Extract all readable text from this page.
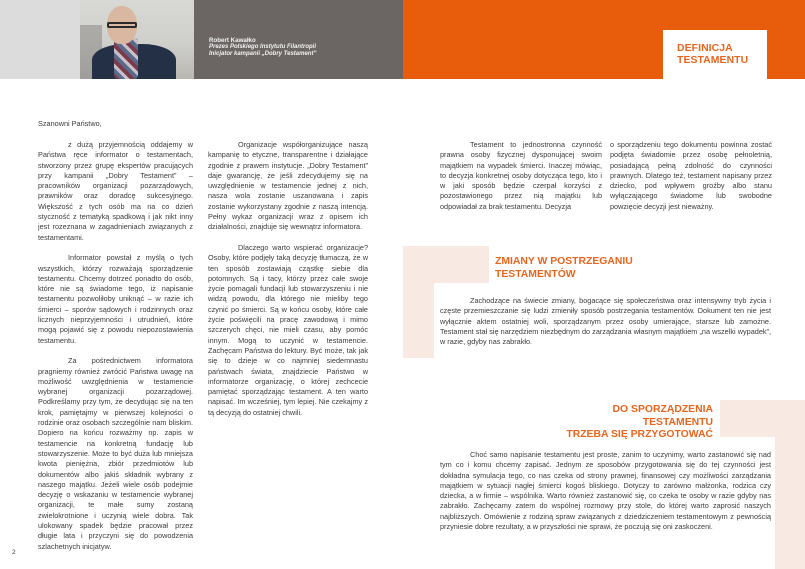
Robert Kawałko
Prezes Polskiego Instytutu Filantropii
Inicjator kampanii „Dobry Testament”
DEFINICJA
TESTAMENTU
Szanowni Państwo,

z dużą przyjemnością oddajemy w Państwa ręce informator o testamentach, stworzony przez grupę ekspertów pracujących przy kampanii „Dobry Testament” – pracowników organizacji pozarządowych, prawników oraz doradcę sukcesyjnego. Większość z tych osób ma na co dzień styczność z tematyką spadkową i jak nikt inny jest rozeznana w zagadnieniach związanych z testamentami.

Informator powstał z myślą o tych wszystkich, którzy rozważają sporządzenie testamentu. Chcemy dotrzeć ponadto do osób, które nie są świadome tego, iż napisanie testamentu pozwoliłoby uniknąć – w razie ich śmierci – sporów sądowych i rodzinnych oraz licznych nieprzyjemności i utrudnień, które mogą pojawić się z powodu niepozostawienia testamentu.

Za pośrednictwem informatora pragniemy również zwrócić Państwa uwagę na możliwość uwzględnienia w testamencie wybranej organizacji pozarządowej. Podkreślamy przy tym, że decydując się na ten krok, pamiętajmy w pierwszej kolejności o rodzinie oraz osobach szczególnie nam bliskim. Dopiero na końcu rozważmy np. zapis w testamencie na konkretną fundację lub stowarzyszenie. Może to być duża lub mniejsza kwota pieniężna, zbiór przedmiotów lub dokumentów albo jakiś składnik wybrany z naszego majątku. Jeżeli wiele osób podejmie decyzję o wskazaniu w testamencie wybranej organizacji, te małe sumy zostaną zwielokrotnione i uczynią wiele dobra. Tak ulokowany spadek będzie pracował przez długie lata i przyczyni się do powodzenia szlachetnych inicjatyw.

Organizacje współorganizujące naszą kampanię to etyczne, transparentne i działające zgodnie z prawem instytucje. „Dobry Testament” daje gwarancję, że jeśli zdecydujemy się na uwzględnienie w testamencie jednej z nich, nasza wola zostanie uszanowana i zapis zostanie wykorzystany zgodnie z naszą intencją. Pełny wykaz organizacji wraz z opisem ich działalności, znajduje się wewnątrz informatora.

Dlaczego warto wspierać organizacje? Osoby, które podjęły taką decyzję tłumaczą, że w ten sposób zostawiają cząstkę siebie dla potomnych. Są i tacy, którzy przez całe swoje życie pomagali fundacji lub stowarzyszeniu i nie widzą powodu, dla którego nie mieliby tego czynić po śmierci. Są w końcu osoby, które całe życie poświęcili na pracę zawodową i mimo szczerych chęci, nie mieli czasu, aby pomóc innym. Mogą to uczynić w testamencie. Zachęcam Państwa do lektury. Być może, tak jak się to dzieje w co najmniej siedemnastu państwach świata, znajdziecie Państwo w informatorze organizację, o której zechcecie pamiętać sporządzając testament. A ten warto napisać. Im wcześniej, tym lepiej. Nie czekajmy z tą decyzją do ostatniej chwili.

2

Testament to jednostronna czynność prawna osoby fizycznej dysponującej swoim majątkiem na wypadek śmierci. Inaczej mówiąc, to decyzja konkretnej osoby dotycząca tego, kto i w jaki sposób będzie czerpał korzyści z pozostawionego przez nią majątku lub odpowiadał za brak testamentu. Decyzja

o sporządzeniu tego dokumentu powinna zostać podjęta świadomie przez osobę pełnoletnią, posiadającą pełną zdolność do czynności prawnych. Dlatego też, testament napisany przez dziecko, pod wpływem groźby albo stanu wyłączającego świadome lub swobodne powzięcie decyzji jest nieważny.

ZMIANY W POSTRZEGANIU
TESTAMENTÓW

Zachodzące na świecie zmiany, bogacące się społeczeństwa oraz intensywny tryb życia i częste przemieszczanie się ludzi zmieniły sposób postrzegania testamentów. Dokument ten nie jest wyłącznie aktem ostatniej woli, sporządzanym przez osoby umierające, starsze lub zamożne. Testament stał się narzędziem niezbędnym do zarządzania własnym majątkiem „na wszelki wypadek”, w razie, gdyby nas zabrakło.

DO SPORZĄDZENIA TESTAMENTU
TRZEBA SIĘ PRZYGOTOWAĆ

Choć samo napisanie testamentu jest proste, zanim to uczynimy, warto zastanowić się nad tym co i komu chcemy zapisać. Jednym ze sposobów przygotowania się do tej czynności jest dokładna symulacja tego, co nas czeka od strony prawnej, finansowej czy możliwości zarządzania majątkiem w sytuacji nagłej śmierci kogoś bliskiego. Dotyczy to zarówno małżonka, rodzica czy dziecka, a w firmie – wspólnika. Warto również zastanowić się, co czeka te osoby w razie gdyby nas zabrakło. Zachęcamy zatem do wspólnej rozmowy przy stole, do której warto zaprosić naszych najbliższych. Omówienie z rodziną spraw związanych z dziedziczeniem testamentowym z pewnością przyniesie dobre rezultaty, a w przyszłości nie sprawi, że poczują się oni zaskoczeni.
